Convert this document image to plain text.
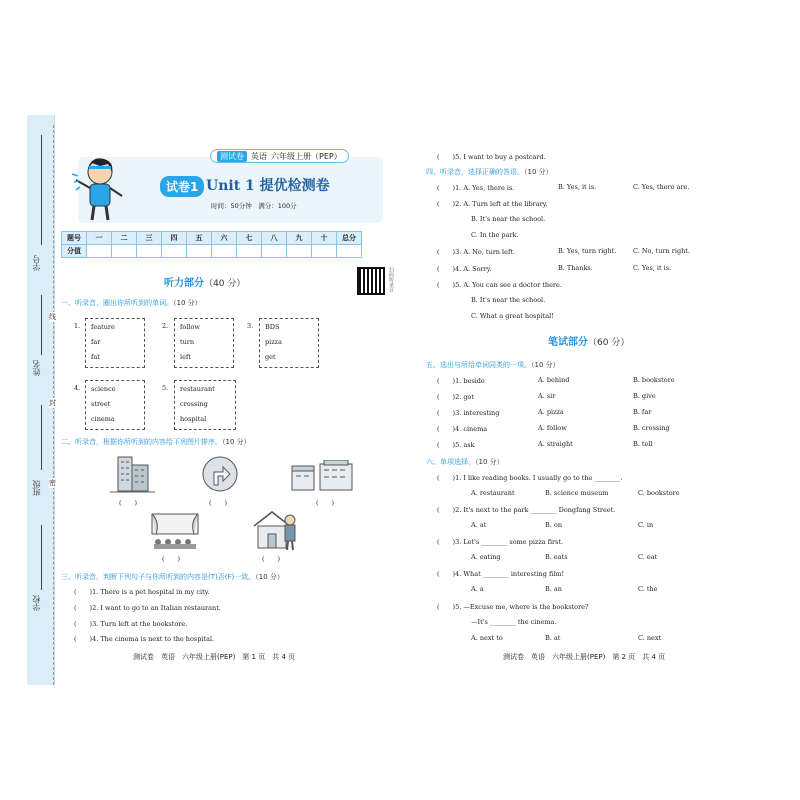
学号
姓名
班级
学校
线
封
密
测试卷 英语 六年级上册（PEP）
试卷1 Unit 1 提优检测卷
时间：50分钟　满分：100分
题号	一	二	三	四	五	六	七	八	九	十	总分
分值											
听力部分（40 分）	扫码听录音
一、听录音，圈出你所听到的单词。（10 分）
1. feature
far
fat
2. follow
turn
left
3. BDS
pizza
get
4. science
street
cinema
5. restaurant
crossing
hospital
二、听录音，根据你所听到的内容给下列图片排序。（10 分）
(　　)	(　　)	(　　)
(　　)	(　　)
三、听录音，判断下列句子与你所听到的内容是(T)否(F)一致。（10 分）
(　　)1. There is a pet hospital in my city.
(　　)2. I want to go to an Italian restaurant.
(　　)3. Turn left at the bookstore.
(　　)4. The cinema is next to the hospital.
测试卷　英语　六年级上册(PEP)　第 1 页　共 4 页
(　　)5. I want to buy a postcard.
四、听录音，选择正确的答语。（10 分）
(　　)1. A. Yes, there is.	B. Yes, it is.	C. Yes, there are.
(　　)2. A. Turn left at the library.
B. It's near the school.
C. In the park.
(　　)3. A. No, turn left.	B. Yes, turn right.	C. No, turn right.
(　　)4. A. Sorry.	B. Thanks.	C. Yes, it is.
(　　)5. A. You can see a doctor there.
B. It's near the school.
C. What a great hospital!
笔试部分（60 分）
五、选出与所给单词同类的一项。（10 分）
(　　)1. beside	A. behind	B. bookstore
(　　)2. got	A. sir	B. give
(　　)3. interesting	A. pizza	B. far
(　　)4. cinema	A. follow	B. crossing
(　　)5. ask	A. straight	B. tell
六、单项选择。（10 分）
(　　)1. I like reading books. I usually go to the ________.
A. restaurant	B. science museum	C. bookstore
(　　)2. It's next to the park ________ Dongfang Street.
A. at	B. on	C. in
(　　)3. Let's ________ some pizza first.
A. eating	B. eats	C. eat
(　　)4. What ________ interesting film!
A. a	B. an	C. the
(　　)5. —Excuse me, where is the bookstore?
—It's ________ the cinema.
A. next to	B. at	C. next
测试卷　英语　六年级上册(PEP)　第 2 页　共 4 页
